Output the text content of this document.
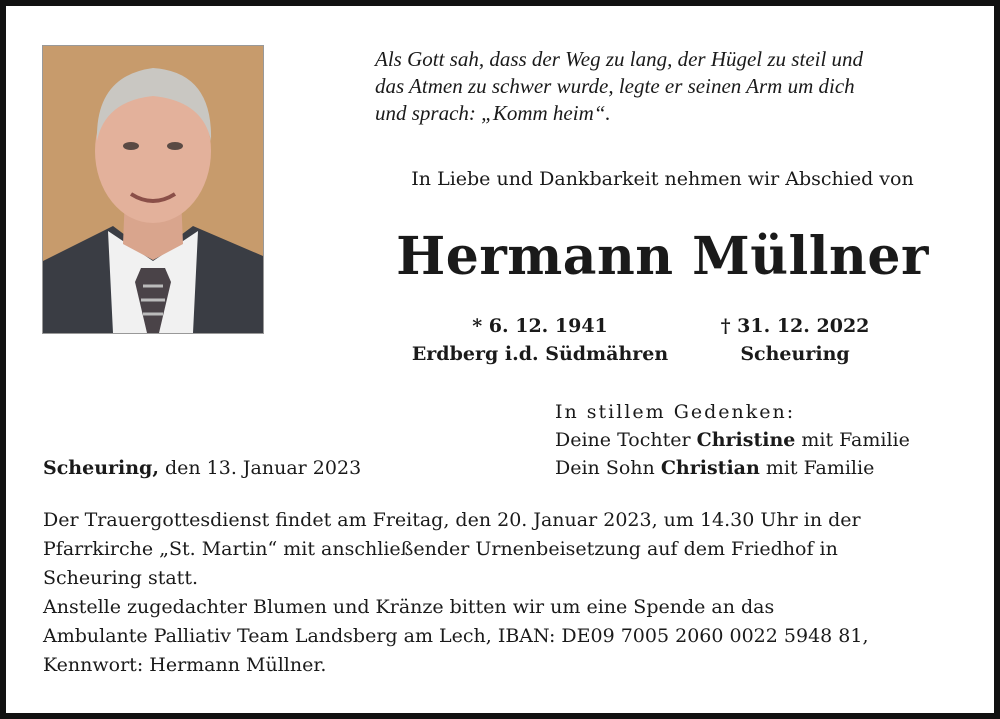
Als Gott sah, dass der Weg zu lang, der Hügel zu steil und
das Atmen zu schwer wurde, legte er seinen Arm um dich
und sprach: „Komm heim“.
In Liebe und Dankbarkeit nehmen wir Abschied von
Hermann Müllner
* 6. 12. 1941
Erdberg i.d. Südmähren
† 31. 12. 2022
Scheuring
In stillem Gedenken:
Deine Tochter Christine mit Familie
Dein Sohn Christian mit Familie
Scheuring, den 13. Januar 2023
Der Trauergottesdienst findet am Freitag, den 20. Januar 2023, um 14.30 Uhr in der
Pfarrkirche „St. Martin“ mit anschließender Urnenbeisetzung auf dem Friedhof in
Scheuring statt.
Anstelle zugedachter Blumen und Kränze bitten wir um eine Spende an das
Ambulante Palliativ Team Landsberg am Lech, IBAN: DE09 7005 2060 0022 5948 81,
Kennwort: Hermann Müllner.
